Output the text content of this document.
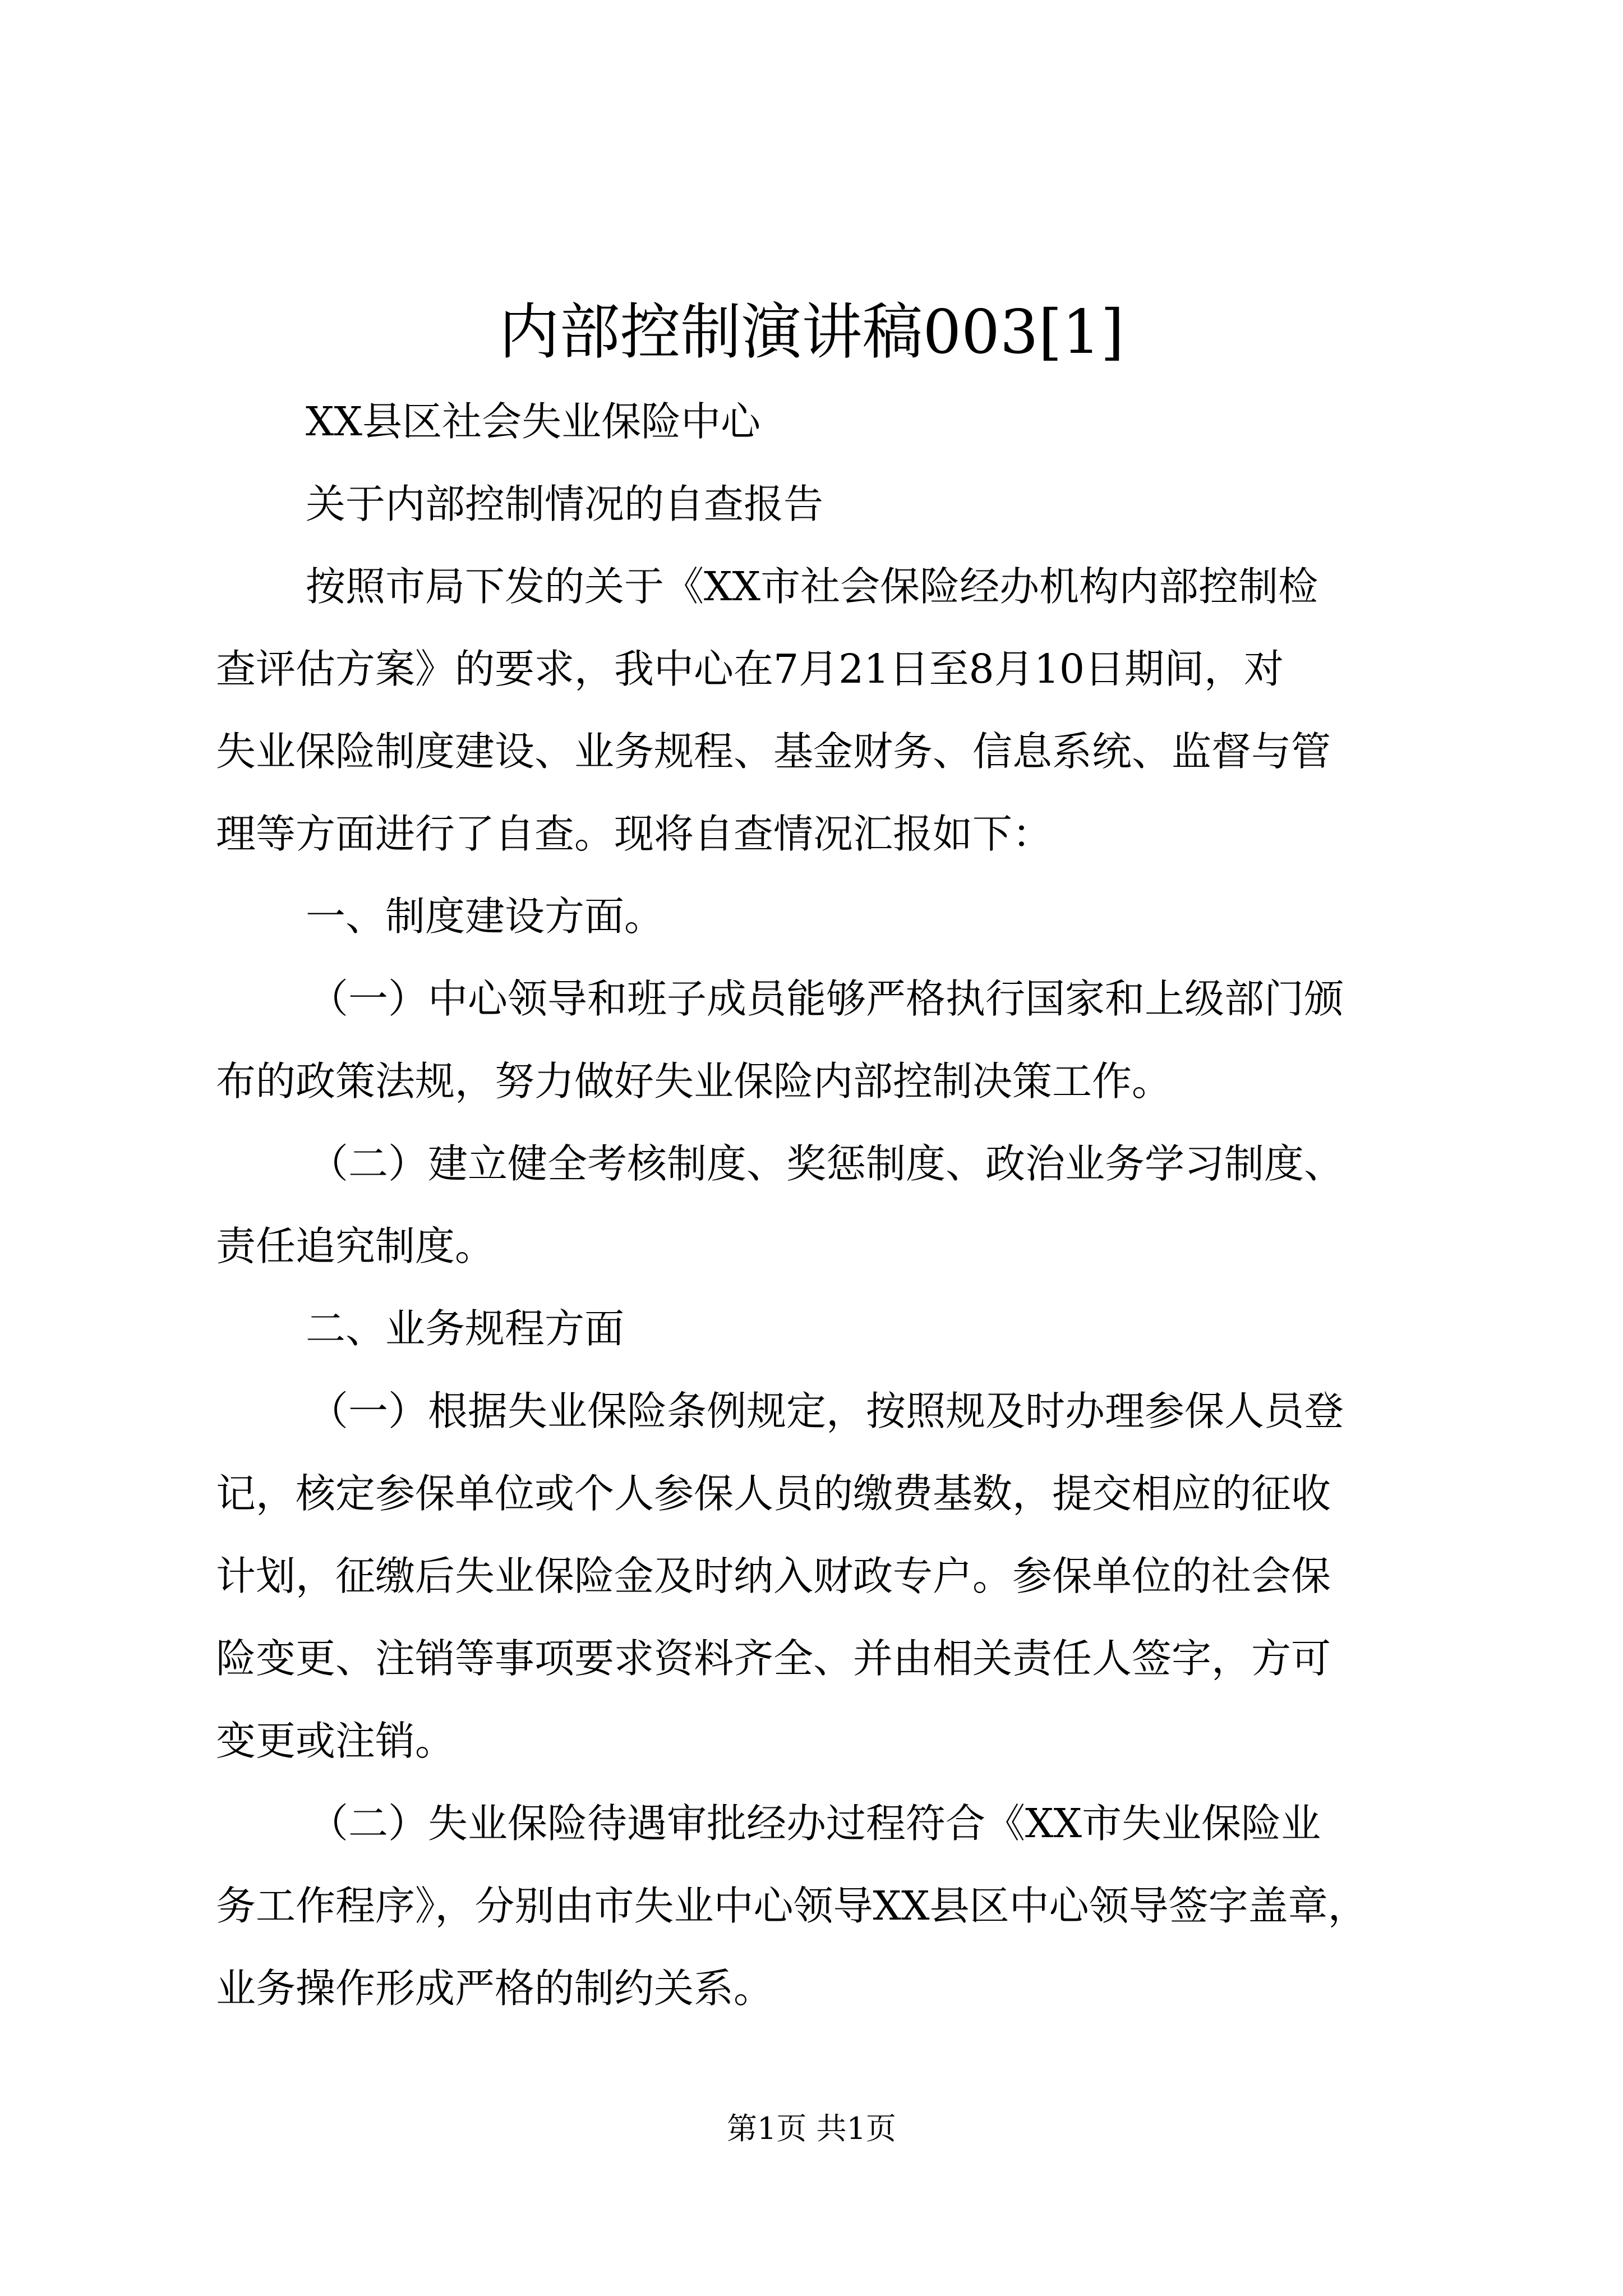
内部控制演讲稿003[1]
XX县区社会失业保险中心
关于内部控制情况的自查报告
按照市局下发的关于《XX市社会保险经办机构内部控制检
查评估方案》的要求，我中心在7月21日至8月10日期间，对
失业保险制度建设、业务规程、基金财务、信息系统、监督与管
理等方面进行了自查。现将自查情况汇报如下：
一、制度建设方面。
（一）中心领导和班子成员能够严格执行国家和上级部门颁
布的政策法规，努力做好失业保险内部控制决策工作。
（二）建立健全考核制度、奖惩制度、政治业务学习制度、
责任追究制度。
二、业务规程方面
（一）根据失业保险条例规定，按照规及时办理参保人员登
记，核定参保单位或个人参保人员的缴费基数，提交相应的征收
计划，征缴后失业保险金及时纳入财政专户。参保单位的社会保
险变更、注销等事项要求资料齐全、并由相关责任人签字，方可
变更或注销。
（二）失业保险待遇审批经办过程符合《XX市失业保险业
务工作程序》，分别由市失业中心领导XX县区中心领导签字盖章，
业务操作形成严格的制约关系。
第1页 共1页
